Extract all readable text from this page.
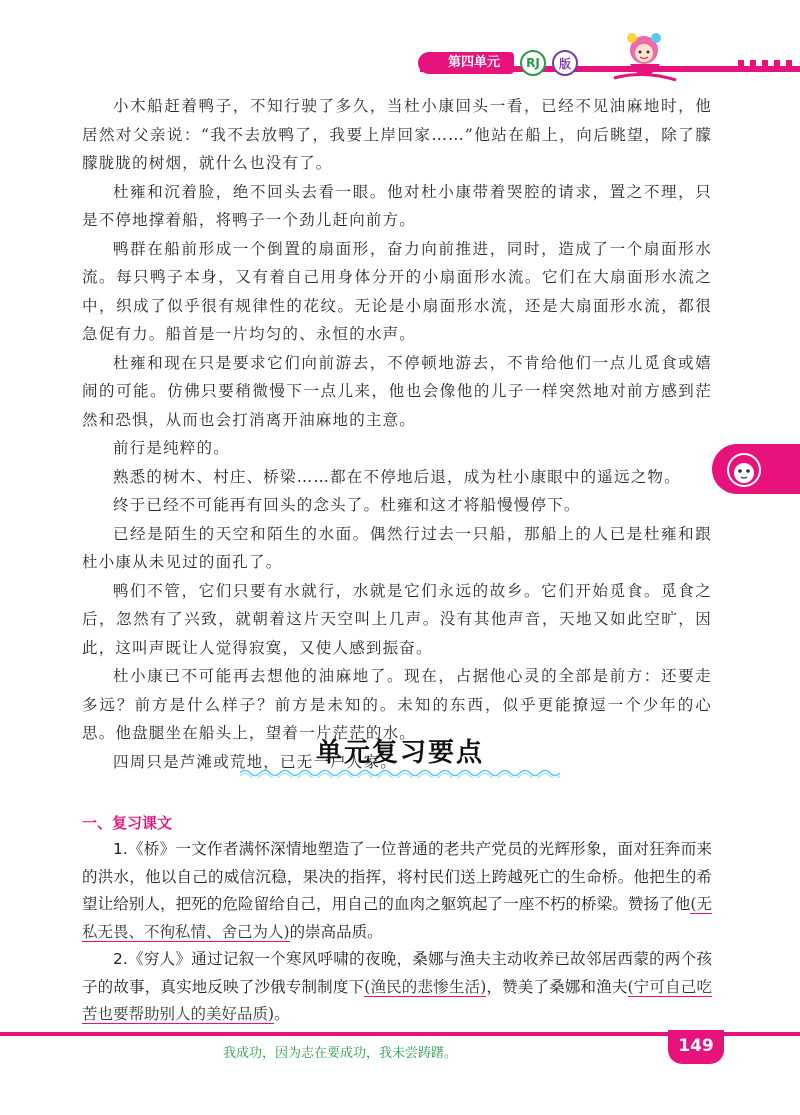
第四单元	RJ	版

小木船赶着鸭子，不知行驶了多久，当杜小康回头一看，已经不见油麻地时，他居然对父亲说：“我不去放鸭了，我要上岸回家……”他站在船上，向后眺望，除了朦朦胧胧的树烟，就什么也没有了。

杜雍和沉着脸，绝不回头去看一眼。他对杜小康带着哭腔的请求，置之不理，只是不停地撑着船，将鸭子一个劲儿赶向前方。

鸭群在船前形成一个倒置的扇面形，奋力向前推进，同时，造成了一个扇面形水流。每只鸭子本身，又有着自己用身体分开的小扇面形水流。它们在大扇面形水流之中，织成了似乎很有规律性的花纹。无论是小扇面形水流，还是大扇面形水流，都很急促有力。船首是一片均匀的、永恒的水声。

杜雍和现在只是要求它们向前游去，不停顿地游去，不肯给他们一点儿觅食或嬉闹的可能。仿佛只要稍微慢下一点儿来，他也会像他的儿子一样突然地对前方感到茫然和恐惧，从而也会打消离开油麻地的主意。

前行是纯粹的。

熟悉的树木、村庄、桥梁……都在不停地后退，成为杜小康眼中的遥远之物。

终于已经不可能再有回头的念头了。杜雍和这才将船慢慢停下。

已经是陌生的天空和陌生的水面。偶然行过去一只船，那船上的人已是杜雍和跟杜小康从未见过的面孔了。

鸭们不管，它们只要有水就行，水就是它们永远的故乡。它们开始觅食。觅食之后，忽然有了兴致，就朝着这片天空叫上几声。没有其他声音，天地又如此空旷，因此，这叫声既让人觉得寂寞，又使人感到振奋。

杜小康已不可能再去想他的油麻地了。现在，占据他心灵的全部是前方：还要走多远？前方是什么样子？前方是未知的。未知的东西，似乎更能撩逗一个少年的心思。他盘腿坐在船头上，望着一片茫茫的水。

四周只是芦滩或荒地，已无一户人家。

单元复习要点
一、复习课文

1.《桥》一文作者满怀深情地塑造了一位普通的老共产党员的光辉形象，面对狂奔而来的洪水，他以自己的威信沉稳，果决的指挥，将村民们送上跨越死亡的生命桥。他把生的希望让给别人，把死的危险留给自己，用自己的血肉之躯筑起了一座不朽的桥梁。赞扬了他(无私无畏、不徇私情、舍己为人)的崇高品质。

2.《穷人》通过记叙一个寒风呼啸的夜晚，桑娜与渔夫主动收养已故邻居西蒙的两个孩子的故事，真实地反映了沙俄专制制度下(渔民的悲惨生活)，赞美了桑娜和渔夫(宁可自己吃苦也要帮助别人的美好品质)。

我成功，因为志在要成功，我未尝踌躇。	149
